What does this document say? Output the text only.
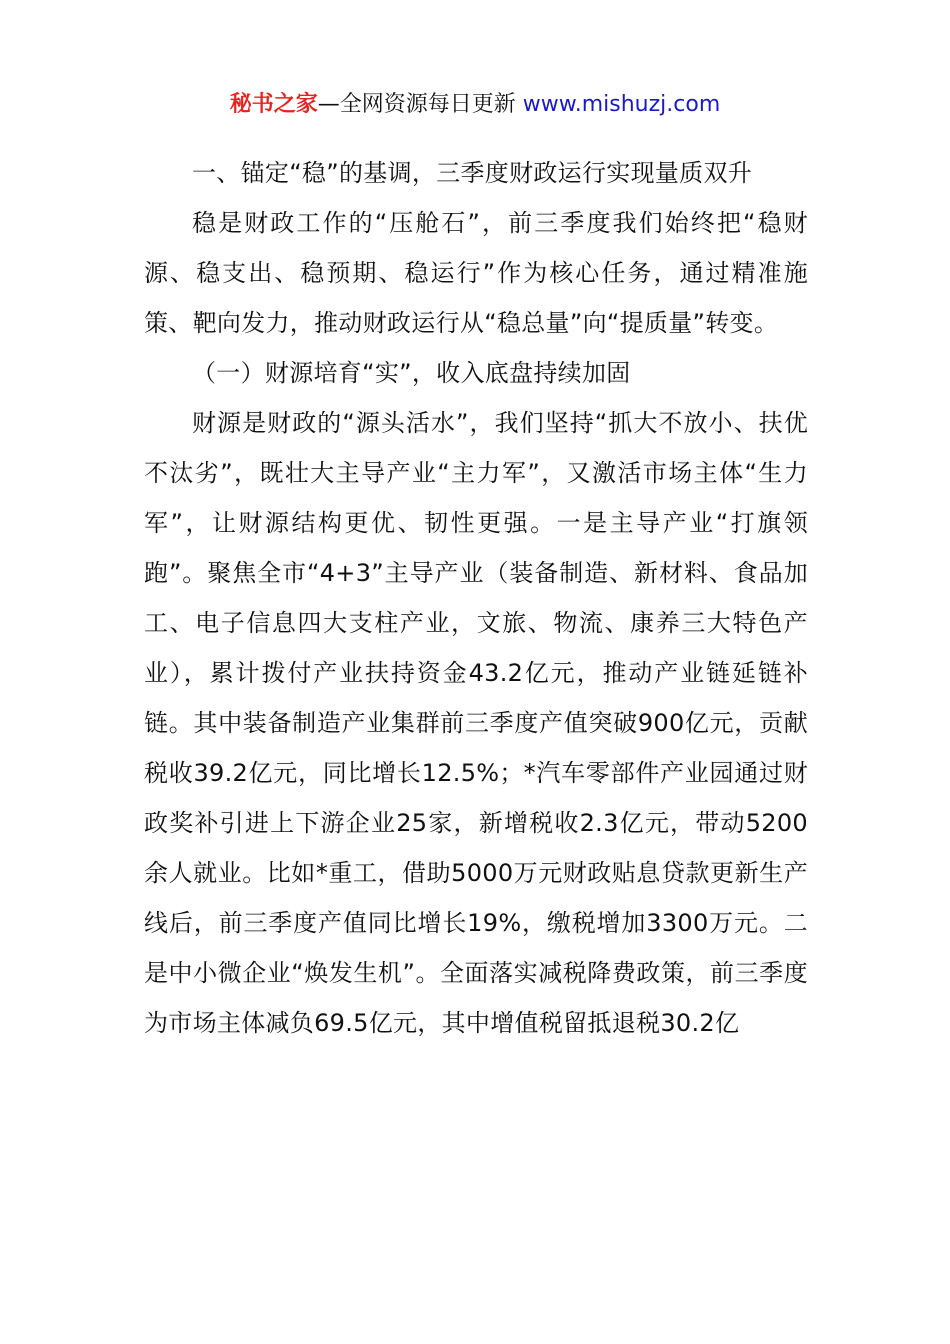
秘书之家—全网资源每日更新 www.mishuzj.com

一、锚定“稳”的基调，三季度财政运行实现量质双升

稳是财政工作的“压舱石”，前三季度我们始终把“稳财源、稳支出、稳预期、稳运行”作为核心任务，通过精准施策、靶向发力，推动财政运行从“稳总量”向“提质量”转变。

（一）财源培育“实”，收入底盘持续加固

财源是财政的“源头活水”，我们坚持“抓大不放小、扶优不汰劣”，既壮大主导产业“主力军”，又激活市场主体“生力军”，让财源结构更优、韧性更强。一是主导产业“打旗领跑”。聚焦全市“4+3”主导产业（装备制造、新材料、食品加工、电子信息四大支柱产业，文旅、物流、康养三大特色产业），累计拨付产业扶持资金43.2亿元，推动产业链延链补链。其中装备制造产业集群前三季度产值突破900亿元，贡献税收39.2亿元，同比增长12.5%；*汽车零部件产业园通过财政奖补引进上下游企业25家，新增税收2.3亿元，带动5200余人就业。比如*重工，借助5000万元财政贴息贷款更新生产线后，前三季度产值同比增长19%，缴税增加3300万元。二是中小微企业“焕发生机”。全面落实减税降费政策，前三季度为市场主体减负69.5亿元，其中增值税留抵退税30.2亿
